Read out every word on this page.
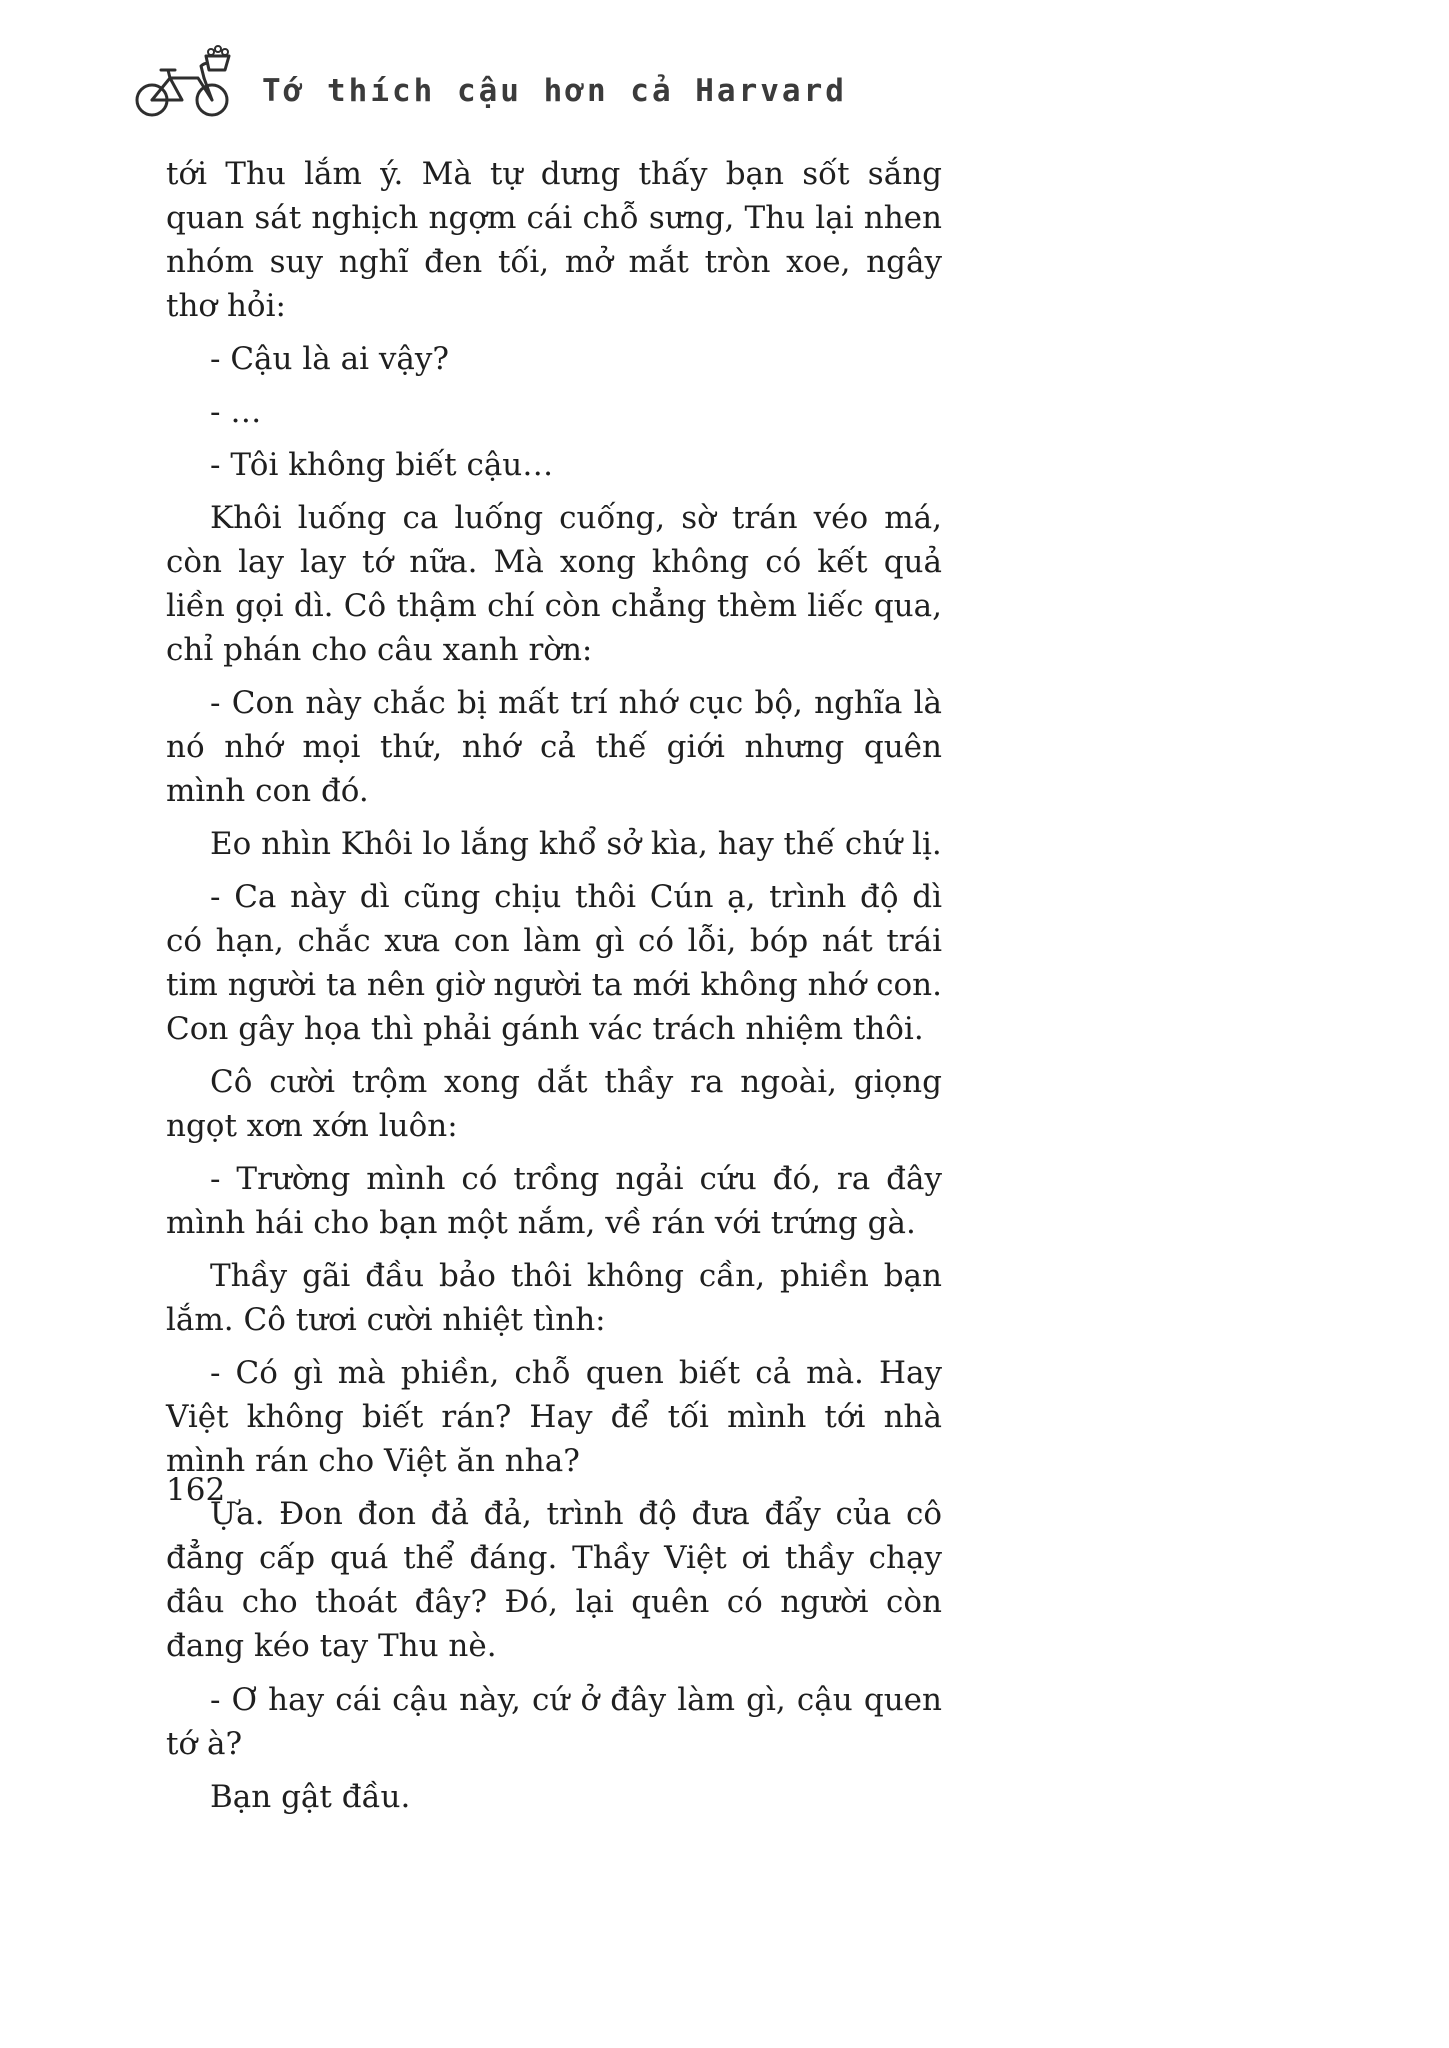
Tớ thích cậu hơn cả Harvard

tới Thu lắm ý. Mà tự dưng thấy bạn sốt sắng quan sát nghịch ngợm cái chỗ sưng, Thu lại nhen nhóm suy nghĩ đen tối, mở mắt tròn xoe, ngây thơ hỏi:

- Cậu là ai vậy?

- …

- Tôi không biết cậu…

Khôi luống ca luống cuống, sờ trán véo má, còn lay lay tớ nữa. Mà xong không có kết quả liền gọi dì. Cô thậm chí còn chẳng thèm liếc qua, chỉ phán cho câu xanh rờn:

- Con này chắc bị mất trí nhớ cục bộ, nghĩa là nó nhớ mọi thứ, nhớ cả thế giới nhưng quên mình con đó.

Eo nhìn Khôi lo lắng khổ sở kìa, hay thế chứ lị.

- Ca này dì cũng chịu thôi Cún ạ, trình độ dì có hạn, chắc xưa con làm gì có lỗi, bóp nát trái tim người ta nên giờ người ta mới không nhớ con. Con gây họa thì phải gánh vác trách nhiệm thôi.

Cô cười trộm xong dắt thầy ra ngoài, giọng ngọt xơn xớn luôn:

- Trường mình có trồng ngải cứu đó, ra đây mình hái cho bạn một nắm, về rán với trứng gà.

Thầy gãi đầu bảo thôi không cần, phiền bạn lắm. Cô tươi cười nhiệt tình:

- Có gì mà phiền, chỗ quen biết cả mà. Hay Việt không biết rán? Hay để tối mình tới nhà mình rán cho Việt ăn nha?

Ựa. Đon đon đả đả, trình độ đưa đẩy của cô đẳng cấp quá thể đáng. Thầy Việt ơi thầy chạy đâu cho thoát đây? Đó, lại quên có người còn đang kéo tay Thu nè.

- Ơ hay cái cậu này, cứ ở đây làm gì, cậu quen tớ à?

Bạn gật đầu.

162
